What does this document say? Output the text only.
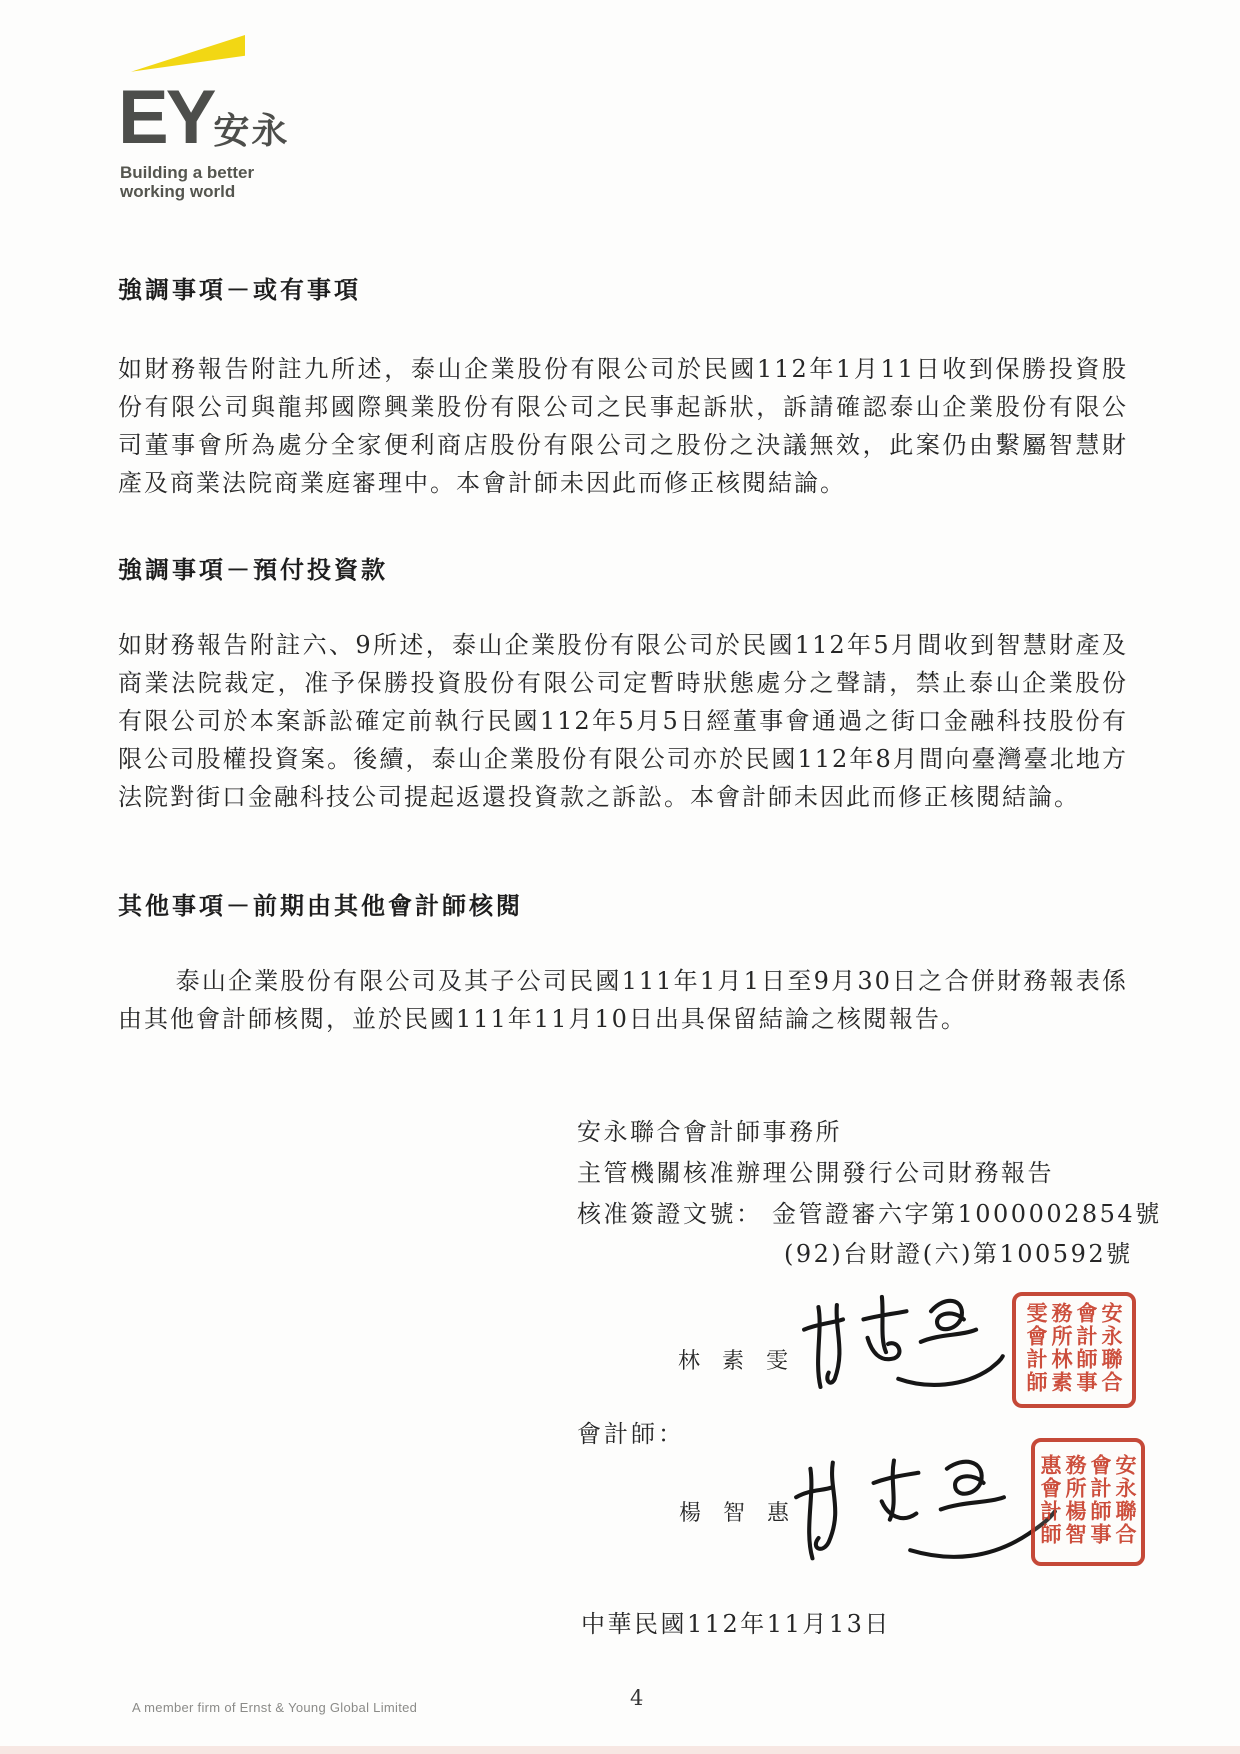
EY安永
Building a better
working world
強調事項－或有事項
如財務報告附註九所述，泰山企業股份有限公司於民國112年1月11日收到保勝投資股份有限公司與龍邦國際興業股份有限公司之民事起訴狀，訴請確認泰山企業股份有限公司董事會所為處分全家便利商店股份有限公司之股份之決議無效，此案仍由繫屬智慧財產及商業法院商業庭審理中。本會計師未因此而修正核閱結論。
強調事項－預付投資款
如財務報告附註六、9所述，泰山企業股份有限公司於民國112年5月間收到智慧財產及商業法院裁定，准予保勝投資股份有限公司定暫時狀態處分之聲請，禁止泰山企業股份有限公司於本案訴訟確定前執行民國112年5月5日經董事會通過之街口金融科技股份有限公司股權投資案。後續，泰山企業股份有限公司亦於民國112年8月間向臺灣臺北地方法院對街口金融科技公司提起返還投資款之訴訟。本會計師未因此而修正核閱結論。
其他事項－前期由其他會計師核閱
泰山企業股份有限公司及其子公司民國111年1月1日至9月30日之合併財務報表係由其他會計師核閱，並於民國111年11月10日出具保留結論之核閱報告。
安永聯合會計師事務所
主管機關核准辦理公開發行公司財務報告
核准簽證文號： 金管證審六字第1000002854號
(92)台財證(六)第100592號
林素雯	安永聯合會計師事務所林素雯會計師
會計師：
楊智惠	安永聯合會計師事務所楊智惠會計師
中華民國112年11月13日
A member firm of Ernst & Young Global Limited	4
